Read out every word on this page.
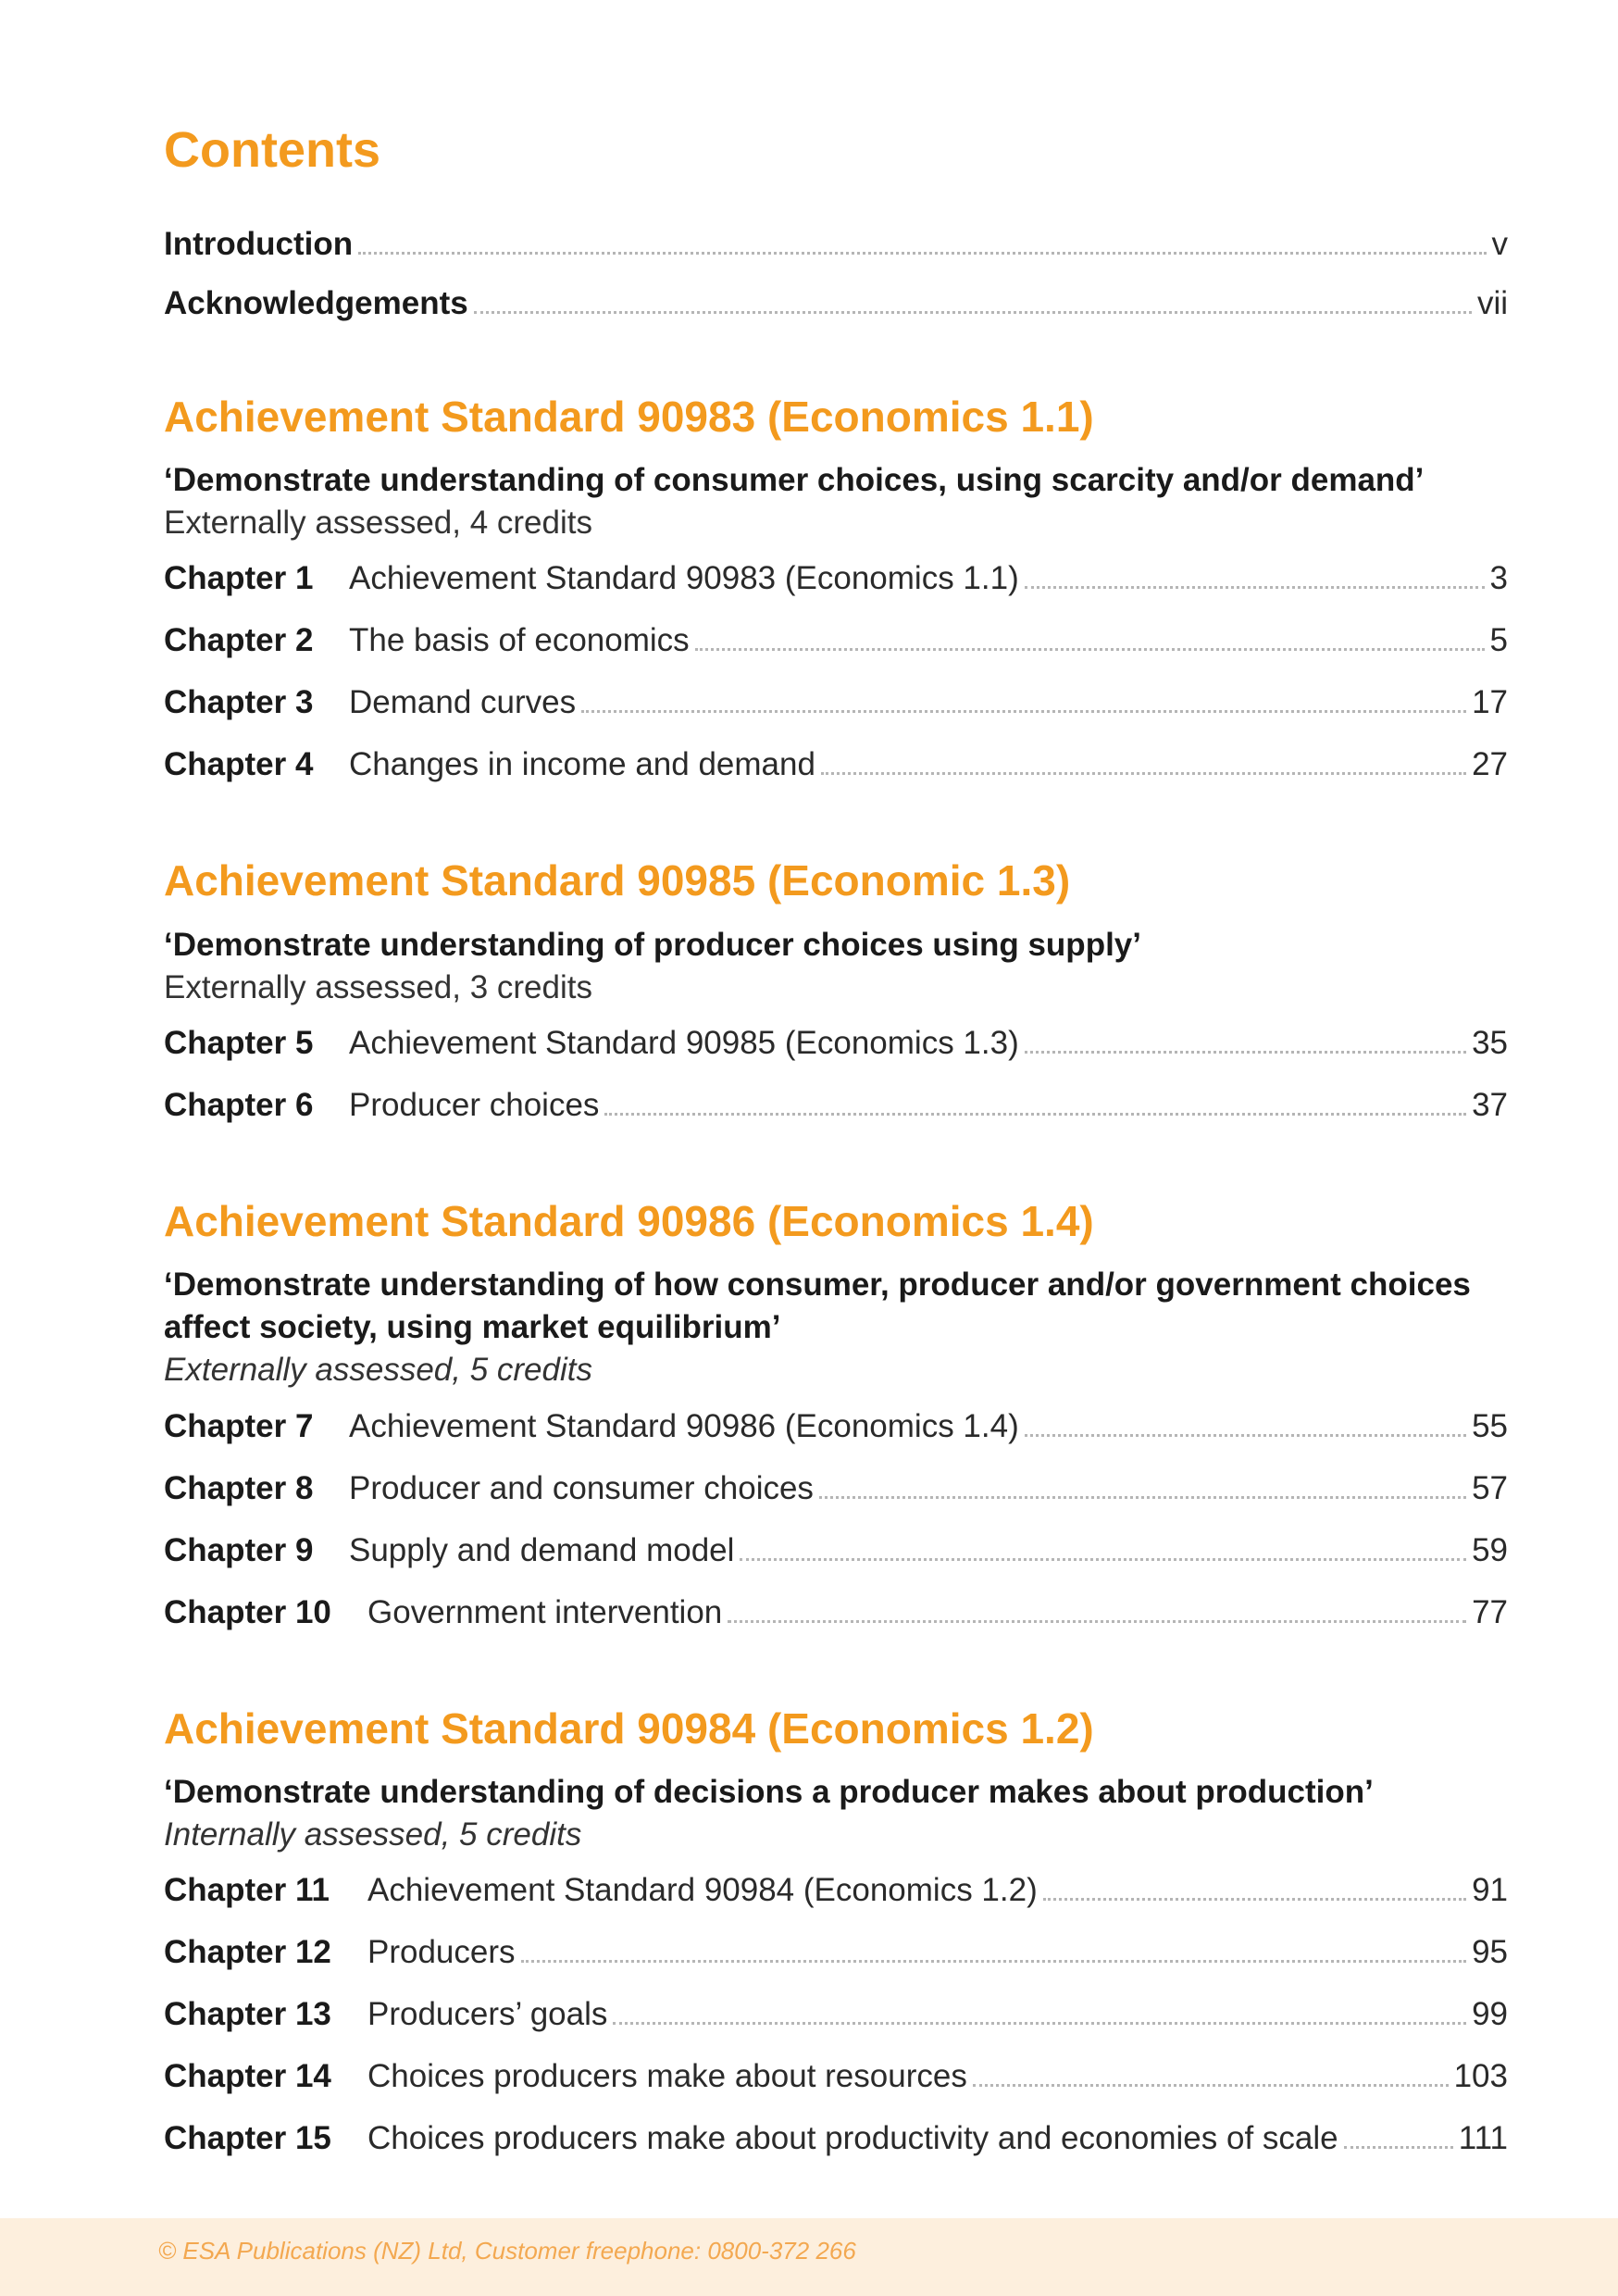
Contents
Introduction	v
Acknowledgements	vii
Achievement Standard 90983 (Economics 1.1)

‘Demonstrate understanding of consumer choices, using scarcity and/or demand’

Externally assessed, 4 credits

Chapter 1	Achievement Standard 90983 (Economics 1.1)	3
Chapter 2	The basis of economics	5
Chapter 3	Demand curves	17
Chapter 4	Changes in income and demand	27
Achievement Standard 90985 (Economic 1.3)

‘Demonstrate understanding of producer choices using supply’

Externally assessed, 3 credits

Chapter 5	Achievement Standard 90985 (Economics 1.3)	35
Chapter 6	Producer choices	37
Achievement Standard 90986 (Economics 1.4)

‘Demonstrate understanding of how consumer, producer and/or government choices affect society, using market equilibrium’

Externally assessed, 5 credits

Chapter 7	Achievement Standard 90986 (Economics 1.4)	55
Chapter 8	Producer and consumer choices	57
Chapter 9	Supply and demand model	59
Chapter 10	Government intervention	77
Achievement Standard 90984 (Economics 1.2)

‘Demonstrate understanding of decisions a producer makes about production’

Internally assessed, 5 credits

Chapter 11	Achievement Standard 90984 (Economics 1.2)	91
Chapter 12	Producers	95
Chapter 13	Producers’ goals	99
Chapter 14	Choices producers make about resources	103
Chapter 15	Choices producers make about productivity and economies of scale	111
© ESA Publications (NZ) Ltd, Customer freephone: 0800-372 266
